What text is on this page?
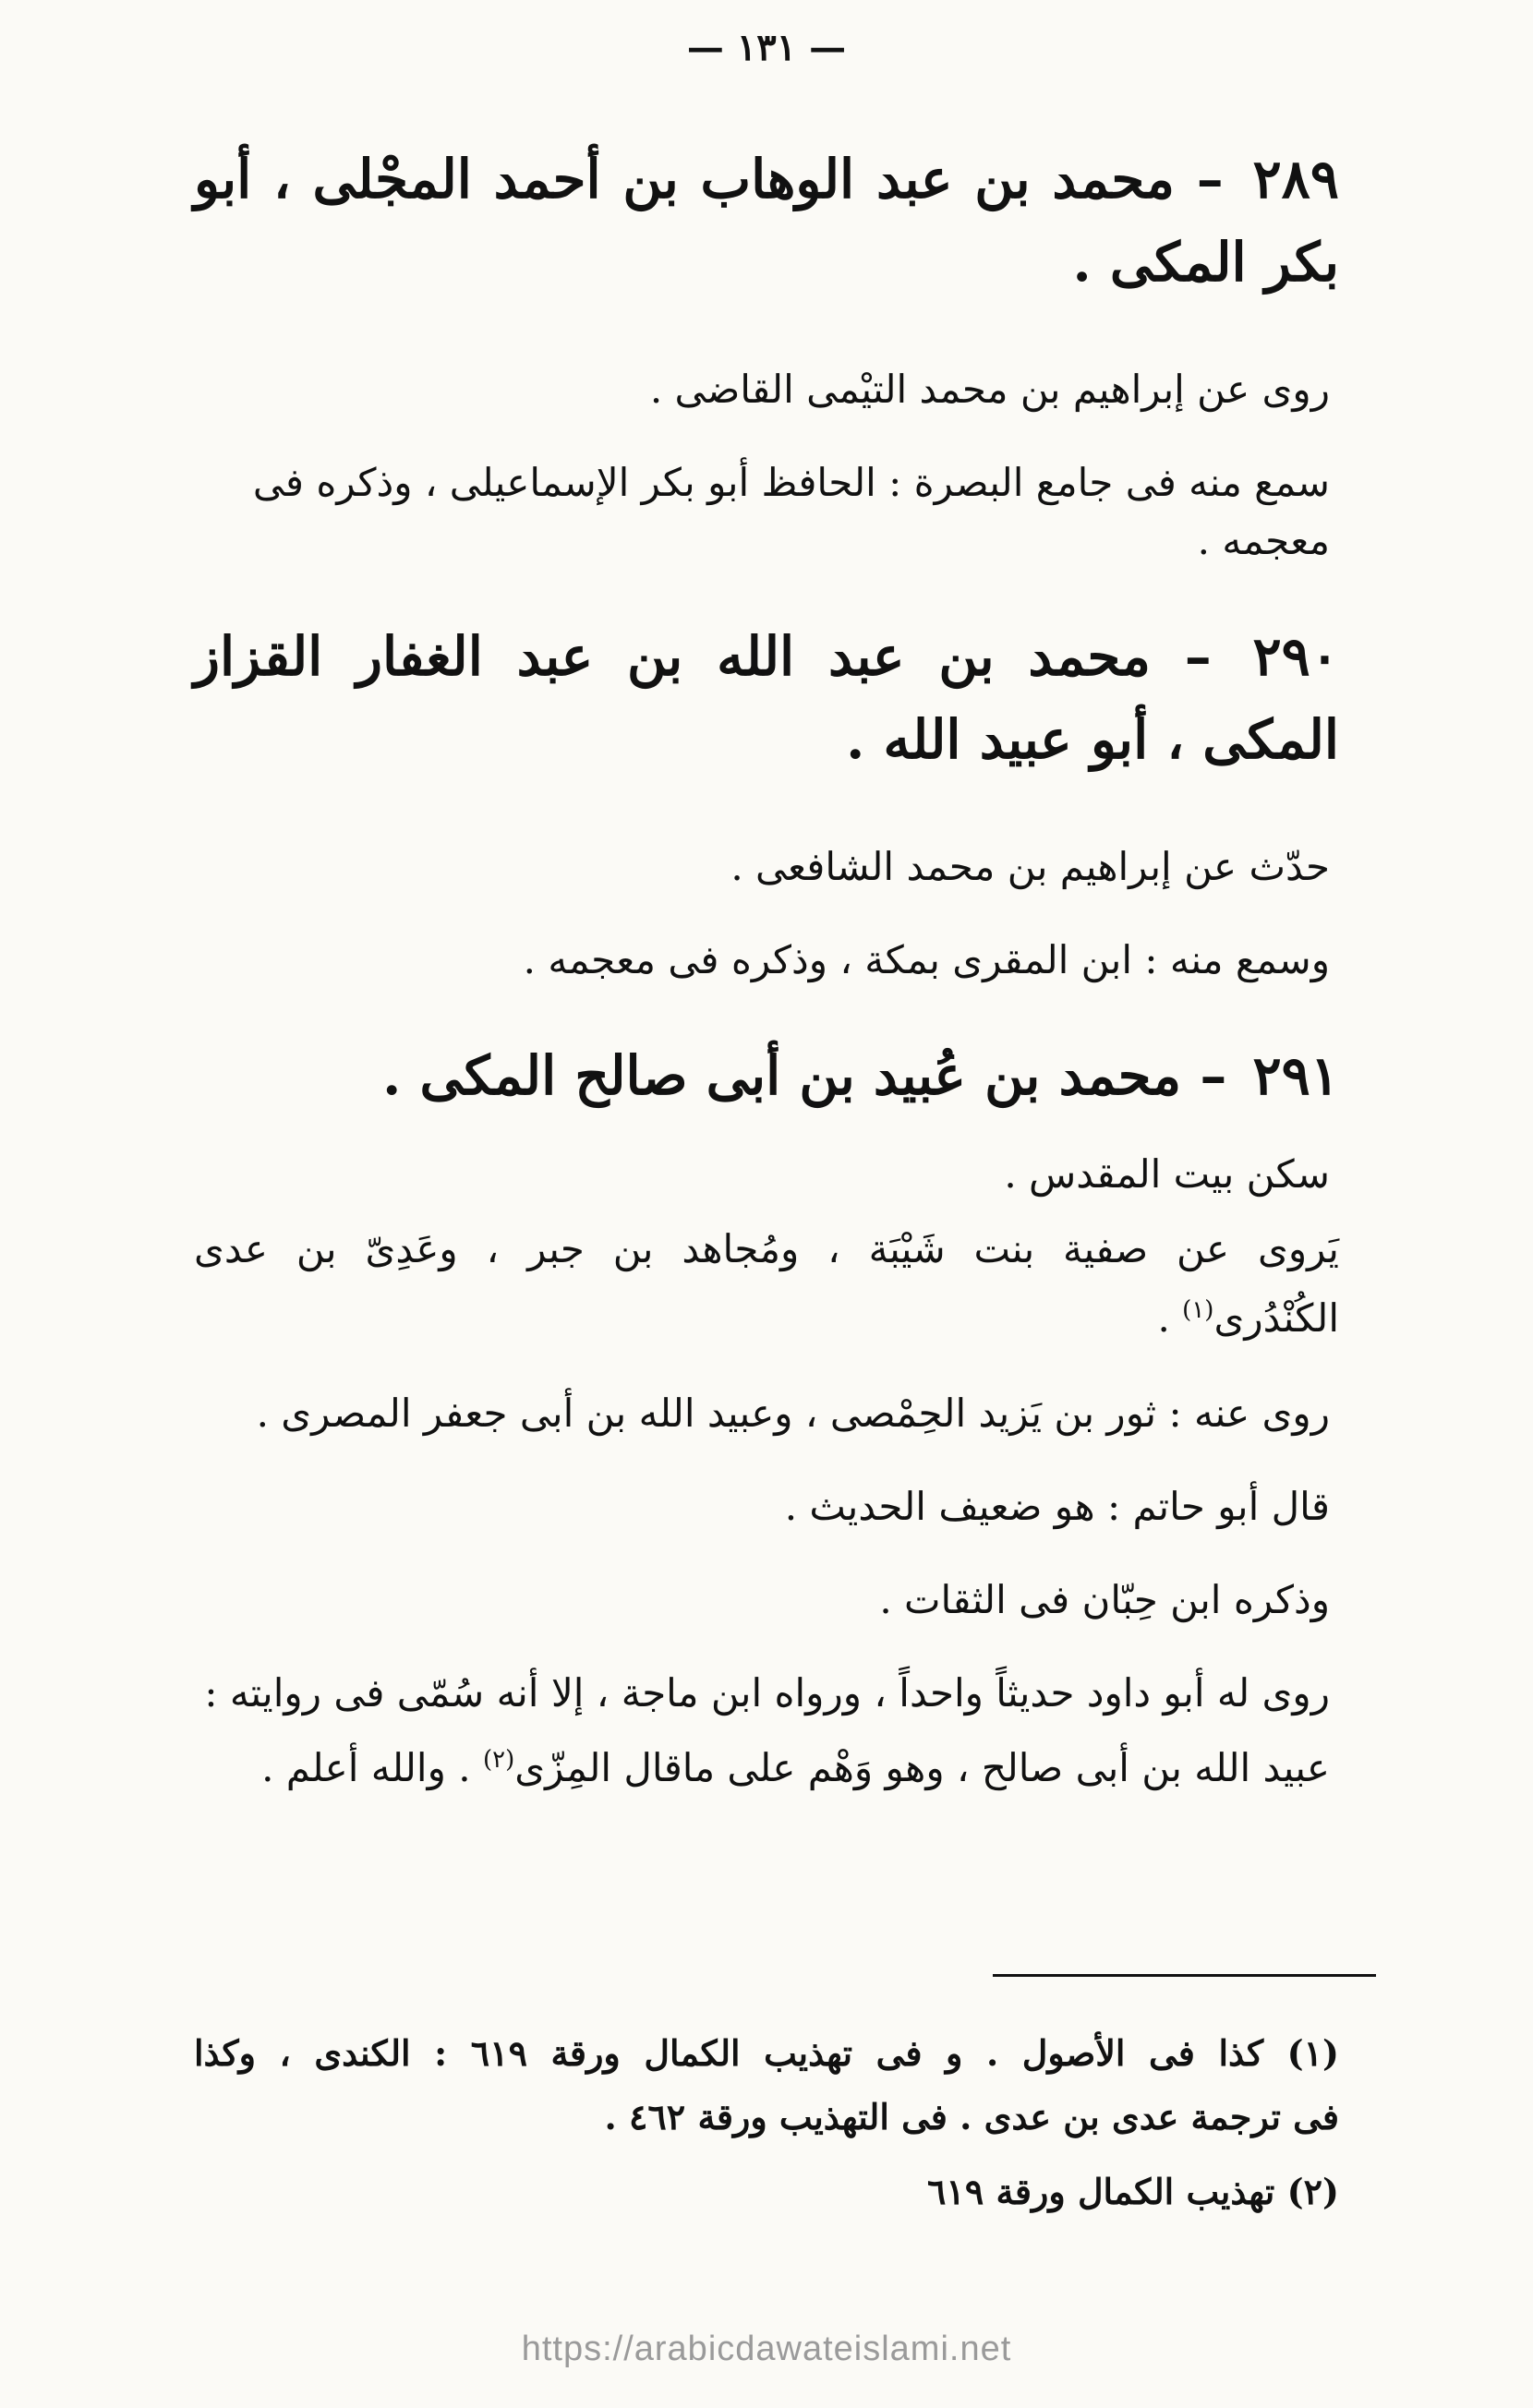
— ١٣١ —
٢٨٩ – محمد بن عبد الوهاب بن أحمد المجْلى ، أبو بكر المكى .

روى عن إبراهيم بن محمد التيْمى القاضى .

سمع منه فى جامع البصرة : الحافظ أبو بكر الإسماعيلى ، وذكره فى معجمه .

٢٩٠ – محمد بن عبد الله بن عبد الغفار القزاز المكى ، أبو عبيد الله .

حدّث عن إبراهيم بن محمد الشافعى .

وسمع منه : ابن المقرى بمكة ، وذكره فى معجمه .

٢٩١ – محمد بن عُبيد بن أبى صالح المكى .

سكن بيت المقدس .

يَروى عن صفية بنت شَيْبَة ، ومُجاهد بن جبر ، وعَدِىّ بن عدى

الكُنْدُرى$^{(١)}$ .

روى عنه : ثور بن يَزيد الحِمْصى ، وعبيد الله بن أبى جعفر المصرى .

قال أبو حاتم : هو ضعيف الحديث .

وذكره ابن حِبّان فى الثقات .

روى له أبو داود حديثاً واحداً ، ورواه ابن ماجة ، إلا أنه سُمّى فى روايته :

عبيد الله بن أبى صالح ، وهو وَهْم على ماقال المِزّى$^{(٢)}$ . والله أعلم .

(١) كذا فى الأصول . و فى تهذيب الكمال ورقة ٦١٩ : الكندى ، وكذا

فى ترجمة عدى بن عدى . فى التهذيب ورقة ٤٦٢ .

(٢) تهذيب الكمال ورقة ٦١٩

https://arabicdawateislami.net
